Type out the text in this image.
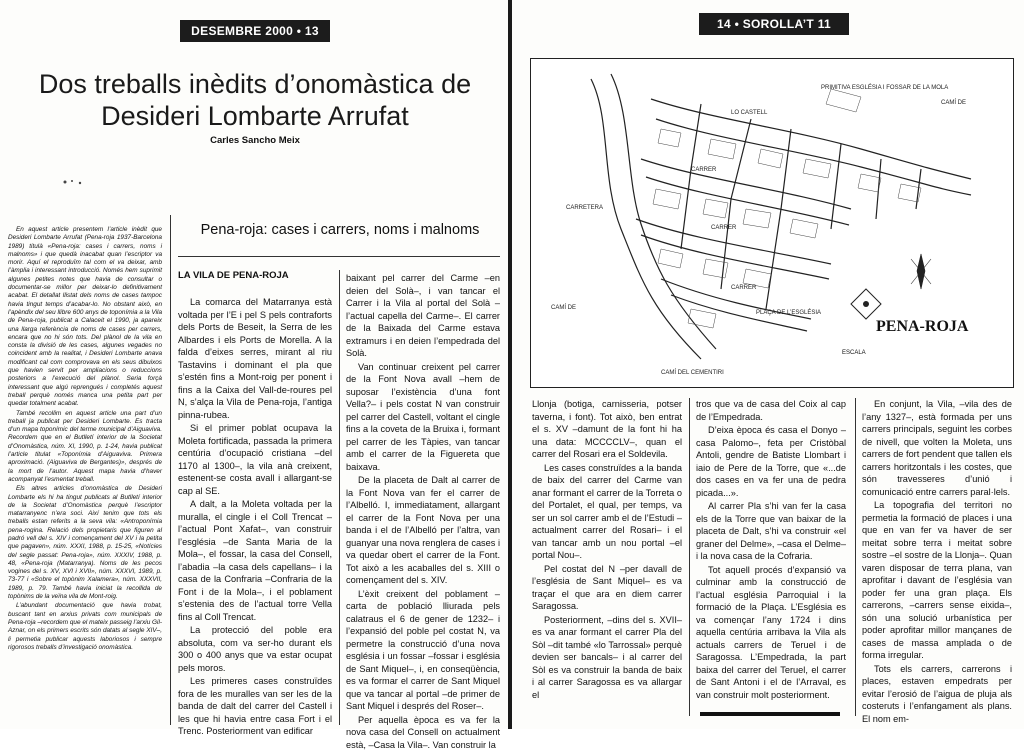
DESEMBRE 2000 • 13
Dos treballs inèdits d’onomàstica de
Desideri Lombarte Arrufat
Carles Sancho Meix

En aquest article presentem l’article inèdit que Desideri Lombarte Arrufat (Pena-roja 1937-Barcelona 1989) titulà «Pena-roja: cases i carrers, noms i malnoms» i que quedà inacabat quan l’escriptor va morir. Aquí el reproduïm tal com el va deixar, amb l’àmplia i interessant introducció. Només hem suprimit algunes petites notes que havia de consultar o documentar-se millor per deixar-lo definitivament acabat. El detallat llistat dels noms de cases tampoc havia tingut temps d’acabar-lo. No obstant això, en l’apèndix del seu llibre 600 anys de toponímia a la Vila de Pena-roja, publicat a Calaceit el 1990, ja apareix una llarga referència de noms de cases per carrers, encara que no hi són tots. Del plànol de la vila en consta la divisió de les cases, algunes vegades no coincident amb la realitat, i Desideri Lombarte anava modificant cal com comprovava en els seus dibuixos que havien servit per ampliacions o reduccions posteriors a l’execució del plànol. Seria forçà interessant que algú reprengués i completés aquest treball perquè només manca una petita part per quedar totalment acabat.

També recollim en aquest article una part d’un treball ja publicat per Desideri Lombarte. Es tracta d’un mapa toponímic del terme municipal d’Aiguaviva. Recordem que en el Butlletí interior de la Societat d’Onomàstica, núm. XI, 1990, p. 1-24, havia publicat l’article titulat «Toponímia d’Aiguaviva. Primera aproximació. (Aiguaviva de Bergantes)», després de la mort de l’autor. Aquest mapa havia d’haver acompanyat l’esmentat treball.

Els altres articles d’onomàstica de Desideri Lombarte els hi ha tingut publicats al Butlletí interior de la Societat d’Onomàstica perquè l’escriptor matarranyenc n’era soci. Així tenim que tots els treballs estan referits a la seva vila: «Antroponímia pena-rogina. Relació dels propietaris que figuren al padró vell del s. XIV i començament del XV i la petita que pagaven», núm. XXXI, 1988, p. 15-25, «Notícies del segle passat: Pena-roja», núm. XXXIV, 1988, p. 48, «Pena-roja (Matarranya). Noms de les pecos vogines del s. XV, XVI i XVII», núm. XXXVI, 1989, p. 73-77 i «Sobre el topònim Xalamera», núm. XXXVII, 1989, p. 79. També havia iniciat la recollida de topònims de la veïna vila de Mont-roig.

L’abundant documentació que havia trobat, buscant tant en arxius privats com municipals de Pena-roja –recordem que el mateix passeig l’arxiu Gil-Aznar, on els primers escrits són datats al segle XIV–, li permetia publicar aquests laboriosos i sempre rigorosos treballs d’investigació onomàstica.

Pena-roja: cases i carrers, noms i malnoms
LA VILA DE PENA-ROJA

La comarca del Matarranya està voltada per l’E i pel S pels contraforts dels Ports de Beseit, la Serra de les Albardes i els Ports de Morella. A la falda d’eixes serres, mirant al riu Tastavins i dominant el pla que s’estén fins a Mont-roig per ponent i fins a la Caixa del Vall-de-roures pel N, s’alça la Vila de Pena-roja, l’antiga pinna-rubea.

Si el primer poblat ocupava la Moleta fortificada, passada la primera centúria d’ocupació cristiana –del 1170 al 1300–, la vila anà creixent, estenent-se costa avall i allargant-se cap al SE.

A dalt, a la Moleta voltada per la muralla, el cingle i el Coll Trencat –l’actual Pont Xafat–, van construir l’església –de Santa Maria de la Mola–, el fossar, la casa del Consell, l’abadia –la casa dels capellans– i la casa de la Confraria –Confraria de la Font i de la Mola–, i el poblament s’estenia des de l’actual torre Vella fins al Coll Trencat.

La protecció del poble era absoluta, com va ser-ho durant els 300 o 400 anys que va estar ocupat pels moros.

Les primeres cases construïdes fora de les muralles van ser les de la banda de dalt del carrer del Castell i les que hi havia entre casa Fort i el Trenc. Posteriorment van edificar

baixant pel carrer del Carme –en deien del Solà–, i van tancar el Carrer i la Vila al portal del Solà –l’actual capella del Carme–. El carrer de la Baixada del Carme estava extramurs i en deien l’empedrada del Solà.

Van continuar creixent pel carrer de la Font Nova avall –hem de suposar l’existència d’una font Vella?– i pels costat N van construir pel carrer del Castell, voltant el cingle fins a la coveta de la Bruixa i, formant pel carrer de les Tàpies, van tancar amb el carrer de la Figuereta que baixava.

De la placeta de Dalt al carrer de la Font Nova van fer el carrer de l’Albelló. I, immediatament, allargant el carrer de la Font Nova per una banda i el de l’Albelló per l’altra, van guanyar una nova renglera de cases i va quedar obert el carrer de la Font. Tot això a les acaballes del s. XIII o començament del s. XIV.

L’èxit creixent del poblament –carta de població lliurada pels calatraus el 6 de gener de 1232– i l’expansió del poble pel costat N, va permetre la construcció d’una nova església i un fossar –fossar i església de Sant Miquel–, i, en conseqüència, es va formar el carrer de Sant Miquel que va tancar al portal –de primer de Sant Miquel i després del Roser–.

Per aquella època es va fer la nova casa del Consell on actualment està, –Casa la Vila–. Van construir la

14 • SOROLLA’T 11
LO CASTELL
PRIMITIVA ESGLÉSIA I FOSSAR DE LA MOLA
CARRER
CARRER
CARRER
PLAÇA DE L’ESGLÉSIA
CAMÍ DE
CAMÍ DE
CARRETERA
CAMÍ DEL CEMENTIRI
PENA-ROJA
ESCALA

Llonja (botiga, carnisseria, potser taverna, i font). Tot això, ben entrat el s. XV –damunt de la font hi ha una data: MCCCCLV–, quan el carrer del Rosari era el Soldevila.

Les cases construïdes a la banda de baix del carrer del Carme van anar formant el carrer de la Torreta o del Portalet, el qual, per temps, va ser un sol carrer amb el de l’Estudi –actualment carrer del Rosari– i el van tancar amb un nou portal –el portal Nou–.

Pel costat del N –per davall de l’església de Sant Miquel– es va traçar el que ara en diem carrer Saragossa.

Posteriorment, –dins del s. XVII– es va anar formant el carrer Pla del Sòl –dit també «lo Tarrossal» perquè devien ser bancals– i al carrer del Sòl es va construir la banda de baix i al carrer Saragossa es va allargar el

tros que va de casa del Coix al cap de l’Empedrada.

D’eixa època és casa el Donyo –casa Palomo–, feta per Cristòbal Antoli, gendre de Batiste Llombart i iaio de Pere de la Torre, que «...de dos cases en va fer una de pedra picada...».

Al carrer Pla s’hi van fer la casa els de la Torre que van baixar de la placeta de Dalt, s’hi va construir «el graner del Delme», –casa el Delme– i la nova casa de la Cofraria.

Tot aquell procés d’expansió va culminar amb la construcció de l’actual església Parroquial i la formació de la Plaça. L’Església es va començar l’any 1724 i dins aquella centúria arribava la Vila als actuals carrers de Teruel i de Saragossa. L’Empedrada, la part baixa del carrer del Teruel, el carrer de Sant Antoni i el de l’Arraval, es van construir molt posteriorment.

En conjunt, la Vila, –vila des de l’any 1327–, està formada per uns carrers principals, seguint les corbes de nivell, que volten la Moleta, uns carrers de fort pendent que tallen els carrers horitzontals i les costes, que són travesseres d’unió i comunicació entre carrers paral·lels.

La topografia del territori no permetia la formació de places i una que en van fer va haver de ser meitat sobre terra i meitat sobre sostre –el sostre de la Llonja–. Quan varen disposar de terra plana, van aprofitar i davant de l’església van poder fer una gran plaça. Els carrerons, –carrers sense eixida–, són una solució urbanística per poder aprofitar millor mançanes de cases de massa amplada o de forma irregular.

Tots els carrers, carrerons i places, estaven empedrats per evitar l’erosió de l’aigua de pluja als costeruts i l’enfangament als plans. El nom em-
